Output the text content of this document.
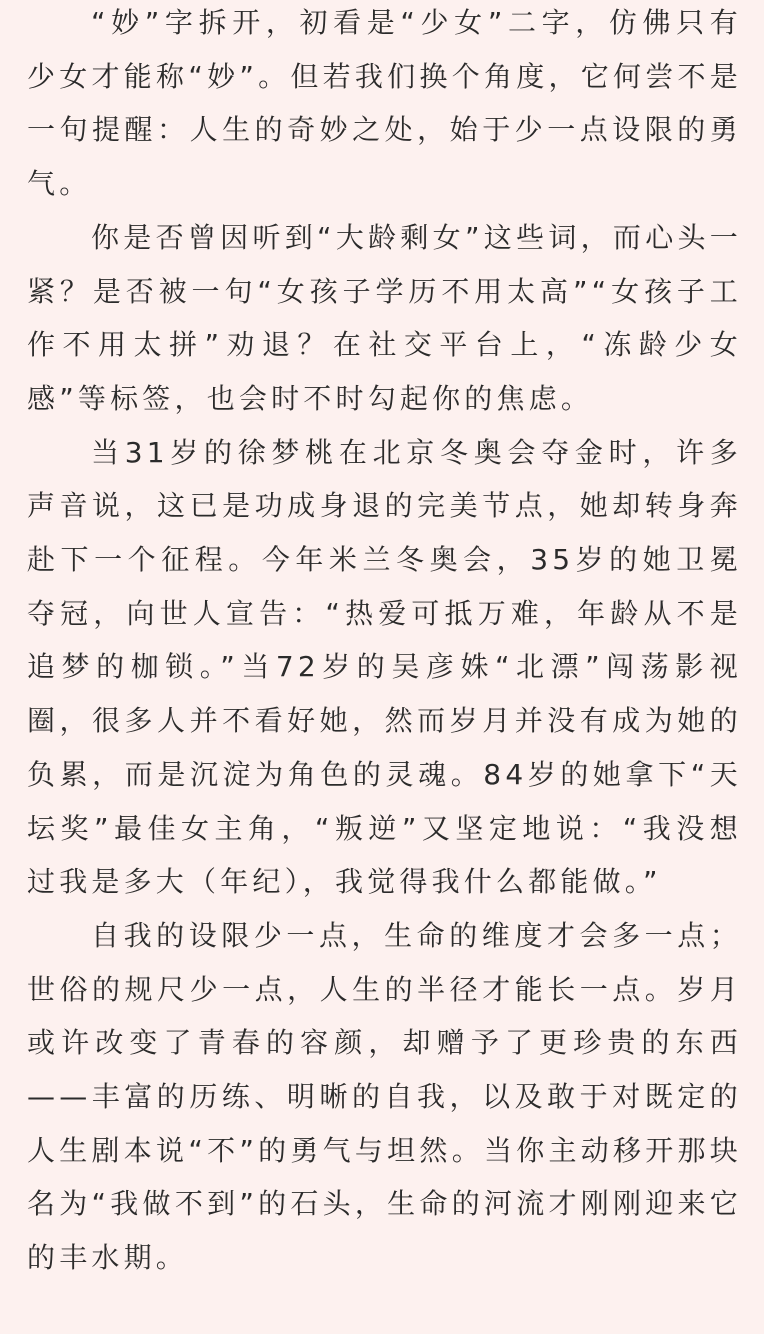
“妙”字拆开，初看是“少女”二字，仿佛只有少女才能称“妙”。但若我们换个角度，它何尝不是一句提醒：人生的奇妙之处，始于少一点设限的勇气。

你是否曾因听到“大龄剩女”这些词，而心头一紧？是否被一句“女孩子学历不用太高”“女孩子工作不用太拼”劝退？在社交平台上，“冻龄少女感”等标签，也会时不时勾起你的焦虑。

当31岁的徐梦桃在北京冬奥会夺金时，许多声音说，这已是功成身退的完美节点，她却转身奔赴下一个征程。今年米兰冬奥会，35岁的她卫冕夺冠，向世人宣告：“热爱可抵万难，年龄从不是追梦的枷锁。”当72岁的吴彦姝“北漂”闯荡影视圈，很多人并不看好她，然而岁月并没有成为她的负累，而是沉淀为角色的灵魂。84岁的她拿下“天坛奖”最佳女主角，“叛逆”又坚定地说：“我没想过我是多大（年纪），我觉得我什么都能做。”

自我的设限少一点，生命的维度才会多一点；世俗的规尺少一点，人生的半径才能长一点。岁月或许改变了青春的容颜，却赠予了更珍贵的东西——丰富的历练、明晰的自我，以及敢于对既定的人生剧本说“不”的勇气与坦然。当你主动移开那块名为“我做不到”的石头，生命的河流才刚刚迎来它的丰水期。
